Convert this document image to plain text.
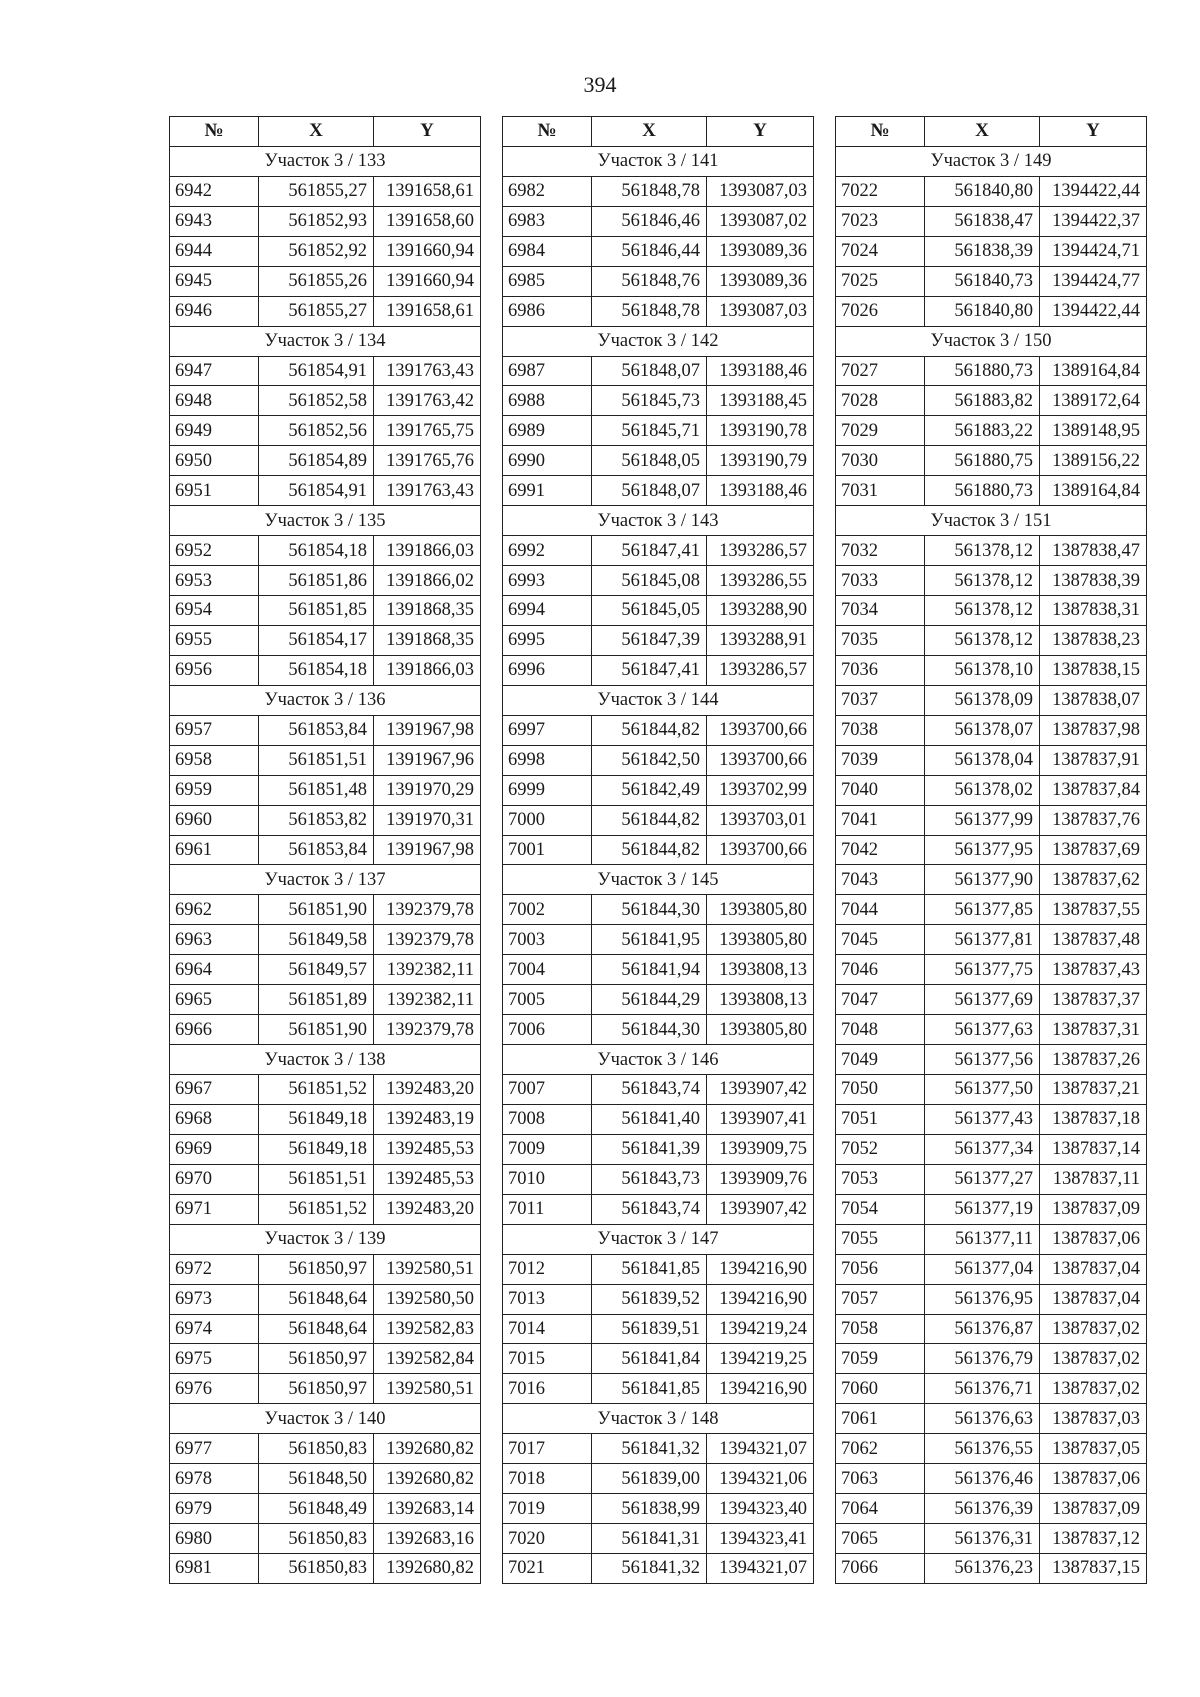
394
№	X	Y
Участок 3 / 133		
6942	561855,27	1391658,61
6943	561852,93	1391658,60
6944	561852,92	1391660,94
6945	561855,26	1391660,94
6946	561855,27	1391658,61
Участок 3 / 134		
6947	561854,91	1391763,43
6948	561852,58	1391763,42
6949	561852,56	1391765,75
6950	561854,89	1391765,76
6951	561854,91	1391763,43
Участок 3 / 135		
6952	561854,18	1391866,03
6953	561851,86	1391866,02
6954	561851,85	1391868,35
6955	561854,17	1391868,35
6956	561854,18	1391866,03
Участок 3 / 136		
6957	561853,84	1391967,98
6958	561851,51	1391967,96
6959	561851,48	1391970,29
6960	561853,82	1391970,31
6961	561853,84	1391967,98
Участок 3 / 137		
6962	561851,90	1392379,78
6963	561849,58	1392379,78
6964	561849,57	1392382,11
6965	561851,89	1392382,11
6966	561851,90	1392379,78
Участок 3 / 138		
6967	561851,52	1392483,20
6968	561849,18	1392483,19
6969	561849,18	1392485,53
6970	561851,51	1392485,53
6971	561851,52	1392483,20
Участок 3 / 139		
6972	561850,97	1392580,51
6973	561848,64	1392580,50
6974	561848,64	1392582,83
6975	561850,97	1392582,84
6976	561850,97	1392580,51
Участок 3 / 140		
6977	561850,83	1392680,82
6978	561848,50	1392680,82
6979	561848,49	1392683,14
6980	561850,83	1392683,16
6981	561850,83	1392680,82
№	X	Y
Участок 3 / 141		
6982	561848,78	1393087,03
6983	561846,46	1393087,02
6984	561846,44	1393089,36
6985	561848,76	1393089,36
6986	561848,78	1393087,03
Участок 3 / 142		
6987	561848,07	1393188,46
6988	561845,73	1393188,45
6989	561845,71	1393190,78
6990	561848,05	1393190,79
6991	561848,07	1393188,46
Участок 3 / 143		
6992	561847,41	1393286,57
6993	561845,08	1393286,55
6994	561845,05	1393288,90
6995	561847,39	1393288,91
6996	561847,41	1393286,57
Участок 3 / 144		
6997	561844,82	1393700,66
6998	561842,50	1393700,66
6999	561842,49	1393702,99
7000	561844,82	1393703,01
7001	561844,82	1393700,66
Участок 3 / 145		
7002	561844,30	1393805,80
7003	561841,95	1393805,80
7004	561841,94	1393808,13
7005	561844,29	1393808,13
7006	561844,30	1393805,80
Участок 3 / 146		
7007	561843,74	1393907,42
7008	561841,40	1393907,41
7009	561841,39	1393909,75
7010	561843,73	1393909,76
7011	561843,74	1393907,42
Участок 3 / 147		
7012	561841,85	1394216,90
7013	561839,52	1394216,90
7014	561839,51	1394219,24
7015	561841,84	1394219,25
7016	561841,85	1394216,90
Участок 3 / 148		
7017	561841,32	1394321,07
7018	561839,00	1394321,06
7019	561838,99	1394323,40
7020	561841,31	1394323,41
7021	561841,32	1394321,07
№	X	Y
Участок 3 / 149		
7022	561840,80	1394422,44
7023	561838,47	1394422,37
7024	561838,39	1394424,71
7025	561840,73	1394424,77
7026	561840,80	1394422,44
Участок 3 / 150		
7027	561880,73	1389164,84
7028	561883,82	1389172,64
7029	561883,22	1389148,95
7030	561880,75	1389156,22
7031	561880,73	1389164,84
Участок 3 / 151		
7032	561378,12	1387838,47
7033	561378,12	1387838,39
7034	561378,12	1387838,31
7035	561378,12	1387838,23
7036	561378,10	1387838,15
7037	561378,09	1387838,07
7038	561378,07	1387837,98
7039	561378,04	1387837,91
7040	561378,02	1387837,84
7041	561377,99	1387837,76
7042	561377,95	1387837,69
7043	561377,90	1387837,62
7044	561377,85	1387837,55
7045	561377,81	1387837,48
7046	561377,75	1387837,43
7047	561377,69	1387837,37
7048	561377,63	1387837,31
7049	561377,56	1387837,26
7050	561377,50	1387837,21
7051	561377,43	1387837,18
7052	561377,34	1387837,14
7053	561377,27	1387837,11
7054	561377,19	1387837,09
7055	561377,11	1387837,06
7056	561377,04	1387837,04
7057	561376,95	1387837,04
7058	561376,87	1387837,02
7059	561376,79	1387837,02
7060	561376,71	1387837,02
7061	561376,63	1387837,03
7062	561376,55	1387837,05
7063	561376,46	1387837,06
7064	561376,39	1387837,09
7065	561376,31	1387837,12
7066	561376,23	1387837,15
